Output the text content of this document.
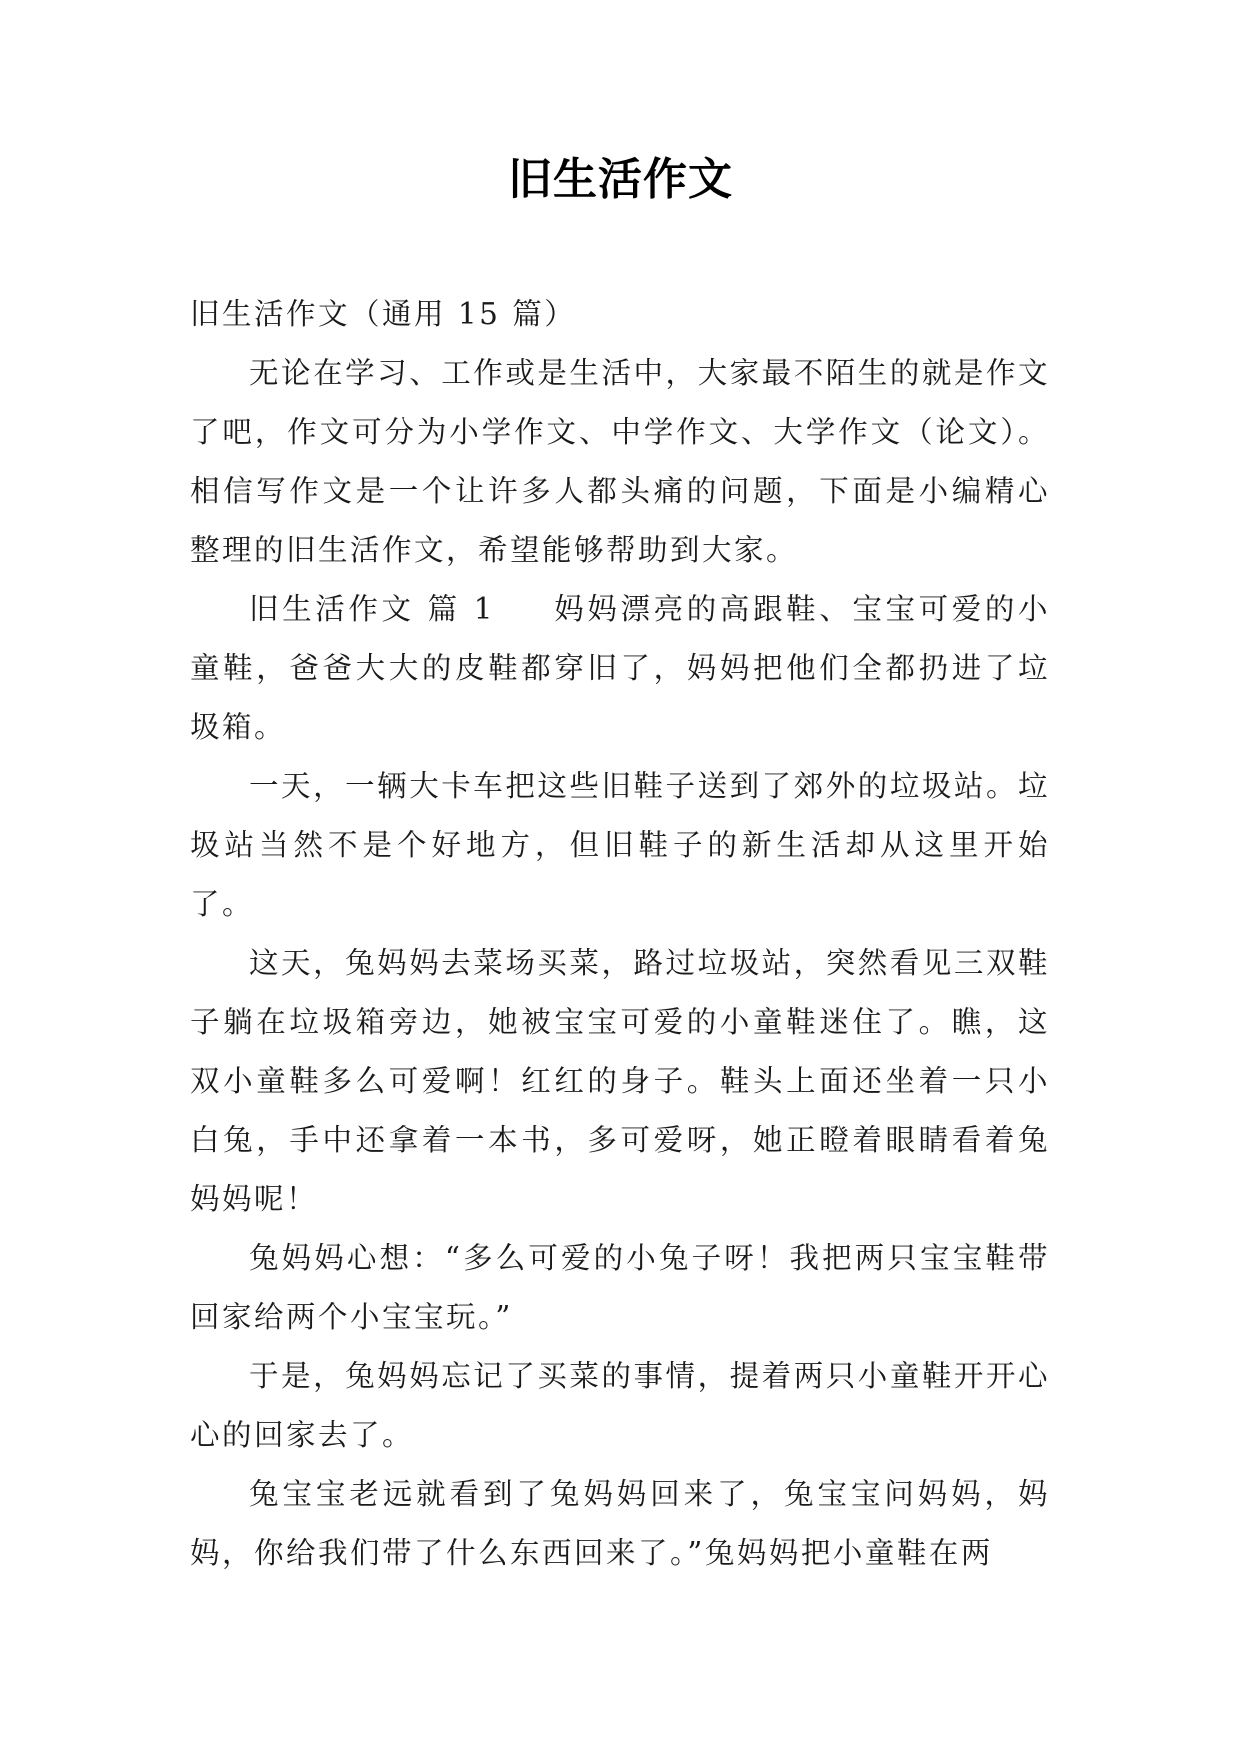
旧生活作文

旧生活作文（通用 15 篇）

无论在学习、工作或是生活中，大家最不陌生的就是作文了吧，作文可分为小学作文、中学作文、大学作文（论文）。相信写作文是一个让许多人都头痛的问题，下面是小编精心整理的旧生活作文，希望能够帮助到大家。

旧生活作文 篇 1 妈妈漂亮的高跟鞋、宝宝可爱的小童鞋，爸爸大大的皮鞋都穿旧了，妈妈把他们全都扔进了垃圾箱。

一天，一辆大卡车把这些旧鞋子送到了郊外的垃圾站。垃圾站当然不是个好地方，但旧鞋子的新生活却从这里开始了。

这天，兔妈妈去菜场买菜，路过垃圾站，突然看见三双鞋子躺在垃圾箱旁边，她被宝宝可爱的小童鞋迷住了。瞧，这双小童鞋多么可爱啊！红红的身子。鞋头上面还坐着一只小白兔，手中还拿着一本书，多可爱呀，她正瞪着眼睛看着兔妈妈呢！

兔妈妈心想：“多么可爱的小兔子呀！我把两只宝宝鞋带回家给两个小宝宝玩。”

于是，兔妈妈忘记了买菜的事情，提着两只小童鞋开开心心的回家去了。

兔宝宝老远就看到了兔妈妈回来了，兔宝宝问妈妈，妈妈，你给我们带了什么东西回来了。”兔妈妈把小童鞋在两
